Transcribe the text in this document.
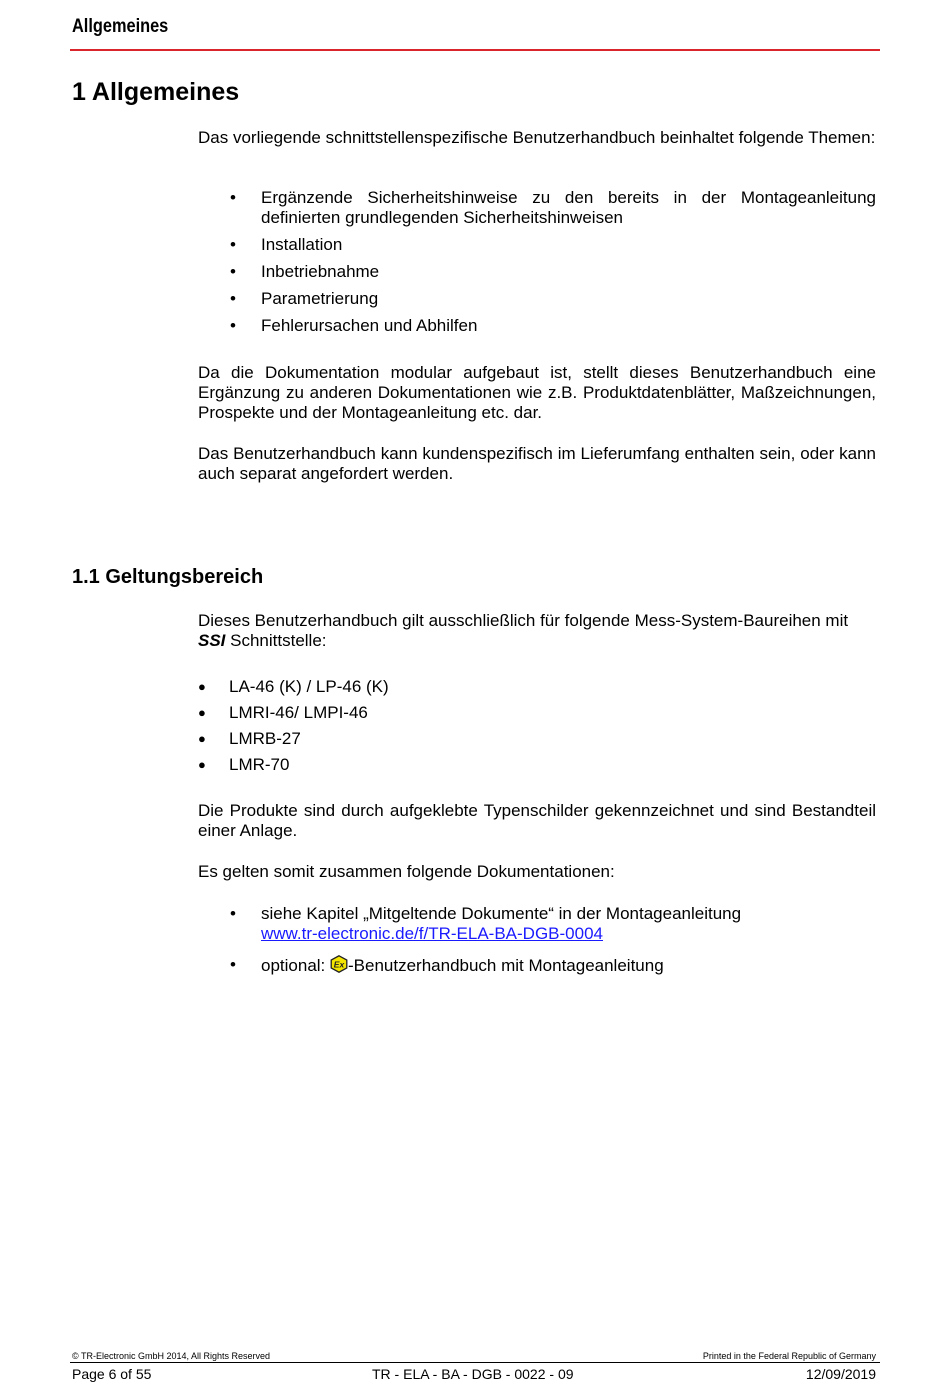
Allgemeines
1 Allgemeines
Das vorliegende schnittstellenspezifische Benutzerhandbuch beinhaltet folgende Themen:
• Ergänzende Sicherheitshinweise zu den bereits in der Montageanleitung definierten grundlegenden Sicherheitshinweisen
• Installation
• Inbetriebnahme
• Parametrierung
• Fehlerursachen und Abhilfen
Da die Dokumentation modular aufgebaut ist, stellt dieses Benutzerhandbuch eine Ergänzung zu anderen Dokumentationen wie z.B. Produktdatenblätter, Maßzeichnungen, Prospekte und der Montageanleitung etc. dar.
Das Benutzerhandbuch kann kundenspezifisch im Lieferumfang enthalten sein, oder kann auch separat angefordert werden.
1.1 Geltungsbereich
Dieses Benutzerhandbuch gilt ausschließlich für folgende Mess-System-Baureihen mit SSI Schnittstelle:
● LA-46 (K) / LP-46 (K)
● LMRI-46/ LMPI-46
● LMRB-27
● LMR-70
Die Produkte sind durch aufgeklebte Typenschilder gekennzeichnet und sind Bestandteil einer Anlage.
Es gelten somit zusammen folgende Dokumentationen:
• siehe Kapitel „Mitgeltende Dokumente“ in der Montageanleitung
www.tr-electronic.de/f/TR-ELA-BA-DGB-0004
• optional: Ex -Benutzerhandbuch mit Montageanleitung
© TR-Electronic GmbH 2014, All Rights Reserved	Printed in the Federal Republic of Germany
Page 6 of 55	TR - ELA - BA - DGB - 0022 - 09	12/09/2019
